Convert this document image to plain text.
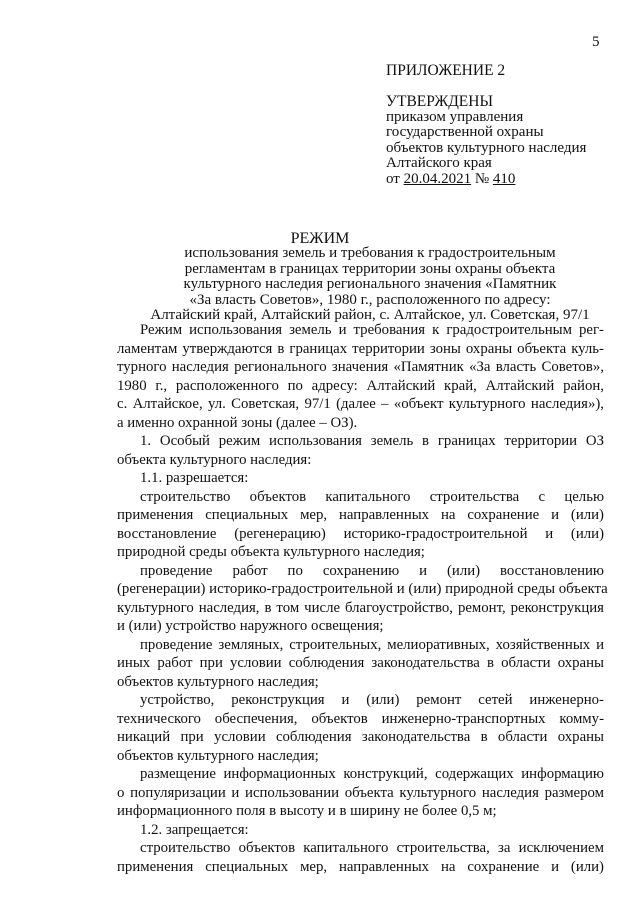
5
ПРИЛОЖЕНИЕ 2
УТВЕРЖДЕНЫ
приказом управления
государственной охраны
объектов культурного наследия
Алтайского края
от 20.04.2021 № 410
РЕЖИМ
использования земель и требования к градостроительным
регламентам в границах территории зоны охраны объекта
культурного наследия регионального значения «Памятник
«За власть Советов», 1980 г., расположенного по адресу:
Алтайский край, Алтайский район, с. Алтайское, ул. Советская, 97/1
Режим использования земель и требования к градостроительным рег-
ламентам утверждаются в границах территории зоны охраны объекта куль-
турного наследия регионального значения «Памятник «За власть Советов»,
1980 г., расположенного по адресу: Алтайский край, Алтайский район,
с. Алтайское, ул. Советская, 97/1 (далее – «объект культурного наследия»),
а именно охранной зоны (далее – ОЗ).
1. Особый режим использования земель в границах территории ОЗ
объекта культурного наследия:
1.1. разрешается:
строительство объектов капитального строительства с целью
применения специальных мер, направленных на сохранение и (или)
восстановление (регенерацию) историко-градостроительной и (или)
природной среды объекта культурного наследия;
проведение работ по сохранению и (или) восстановлению
(регенерации) историко-градостроительной и (или) природной среды объекта
культурного наследия, в том числе благоустройство, ремонт, реконструкция
и (или) устройство наружного освещения;
проведение земляных, строительных, мелиоративных, хозяйственных и
иных работ при условии соблюдения законодательства в области охраны
объектов культурного наследия;
устройство, реконструкция и (или) ремонт сетей инженерно-
технического обеспечения, объектов инженерно-транспортных комму-
никаций при условии соблюдения законодательства в области охраны
объектов культурного наследия;
размещение информационных конструкций, содержащих информацию
о популяризации и использовании объекта культурного наследия размером
информационного поля в высоту и в ширину не более 0,5 м;
1.2. запрещается:
строительство объектов капитального строительства, за исключением
применения специальных мер, направленных на сохранение и (или)
